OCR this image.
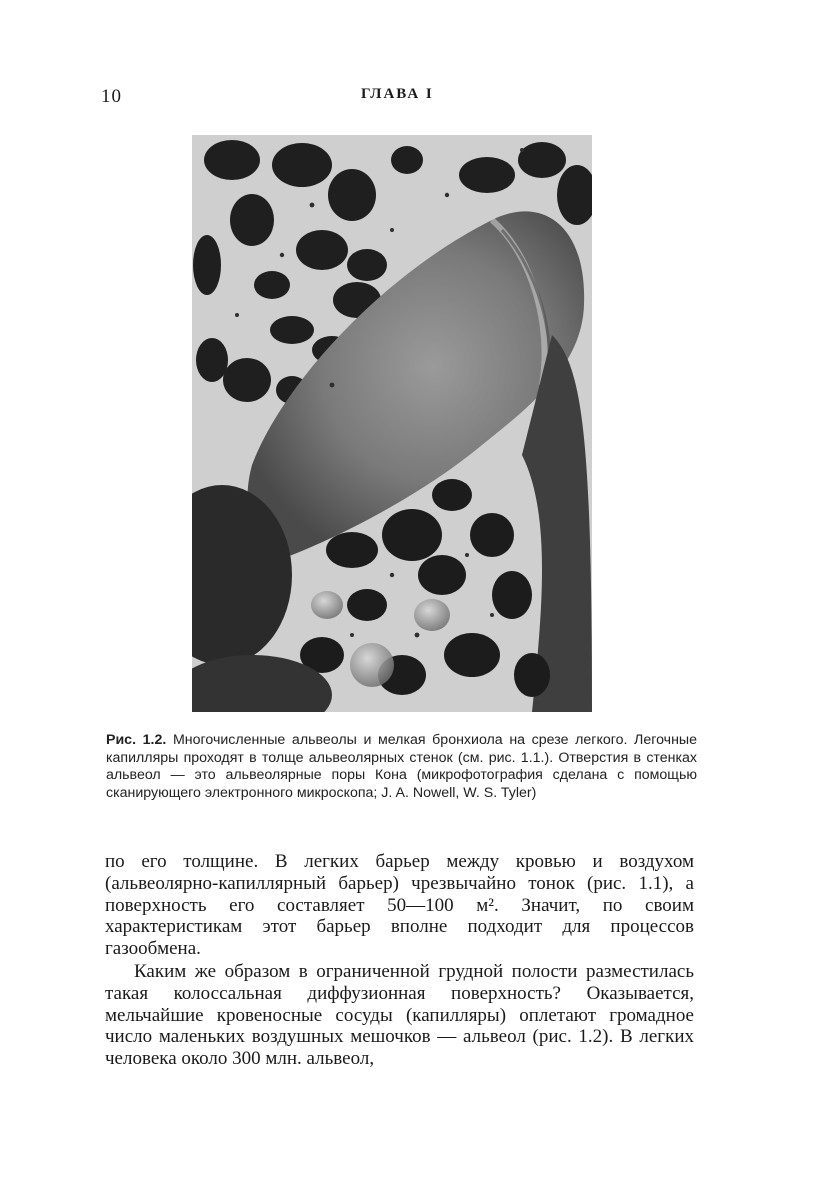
10	ГЛАВА I
Рис. 1.2. Многочисленные альвеолы и мелкая бронхиола на срезе легкого. Легочные капилляры проходят в толще альвеолярных стенок (см. рис. 1.1.). Отверстия в стенках альвеол — это альвеолярные поры Кона (микрофотография сделана с помощью сканирующего электронного микроскопа; J. A. Nowell, W. S. Tyler)

по его толщине. В легких барьер между кровью и воздухом (альвеолярно-капиллярный барьер) чрезвычайно тонок (рис. 1.1), а поверхность его составляет 50—100 м². Значит, по своим характеристикам этот барьер вполне подходит для процессов газообмена.

Каким же образом в ограниченной грудной полости разместилась такая колоссальная диффузионная поверхность? Оказывается, мельчайшие кровеносные сосуды (капилляры) оплетают громадное число маленьких воздушных мешочков — альвеол (рис. 1.2). В легких человека около 300 млн. альвеол,
